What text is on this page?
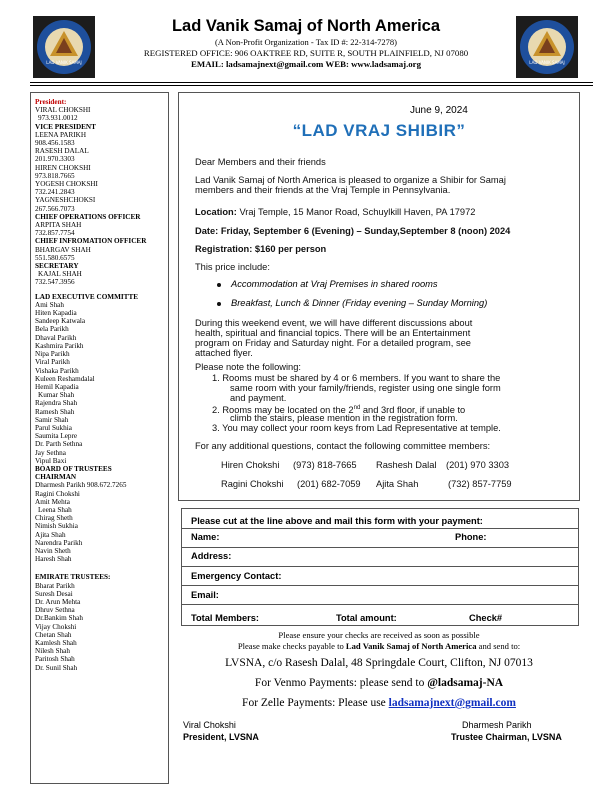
LAD VANIK SAMAJ	LAD VANIK SAMAJ
Lad Vanik Samaj of North America
(A Non-Profit Organization - Tax ID #: 22-314-7278)
REGISTERED OFFICE: 906 OAKTREE RD, SUITE R, SOUTH PLAINFIELD, NJ 07080
EMAIL: ladsamajnext@gmail.com WEB: www.ladsamaj.org
President:
VIRAL CHOKSHI
973.931.0012
VICE PRESIDENT
LEENA PARIKH
908.456.1583
RASESH DALAL
201.970.3303
HIREN CHOKSHI
973.818.7665
YOGESH CHOKSHI
732.241.2843
YAGNESHCHOKSI
267.566.7073
CHIEF OPERATIONS OFFICER
ARPITA SHAH
732.857.7754
CHIEF INFROMATION OFFICER
BHARGAV SHAH
551.580.6575
SECRETARY
KAJAL SHAH
732.547.3956
LAD EXECUTIVE COMMITTE
Ami Shah
Hiten Kapadia
Sandeep Katwala
Bela Parikh
Dhaval Parikh
Kashmira Parikh
Nipa Parikh
Viral Parikh
Vishaka Parikh
Kuleen Reshamdalal
Hemil Kapadia
Kumar Shah
Rajendra Shah
Ramesh Shah
Samir Shah
Parul Sukhia
Saumita Lepre
Dr. Parth Sethna
Jay Sethna
Vipul Baxi
BOARD OF TRUSTEES
CHAIRMAN
Dharmesh Parikh 908.672.7265
Ragini Chokshi
Amit Mehta
Leena Shah
Chirag Sheth
Nimish Sukhia
Ajita Shah
Narendra Parikh
Navin Sheth
Haresh Shah
EMIRATE TRUSTEES:
Bharat Parikh
Suresh Desai
Dr. Arun Mehta
Dhruv Sethna
Dr.Bankim Shah
Vijay Chokshi
Chetan Shah
Kamlesh Shah
Nilesh Shah
Paritosh Shah
Dr. Sunil Shah
June 9, 2024
“LAD VRAJ SHIBIR”
Dear Members and their friends
Lad Vanik Samaj of North America is pleased to organize a Shibir for Samaj
members and their friends at the Vraj Temple in Pennsylvania.
Location: Vraj Temple, 15 Manor Road, Schuylkill Haven, PA 17972
Date: Friday, September 6 (Evening) – Sunday,September 8 (noon) 2024
Registration: $160 per person
This price include:
Accommodation at Vraj Premises in shared rooms
Breakfast, Lunch & Dinner (Friday evening – Sunday Morning)
During this weekend event, we will have different discussions about
health, spiritual and financial topics. There will be an Entertainment
program on Friday and Saturday night. For a detailed program, see
attached flyer.
Please note the following:
1. Rooms must be shared by 4 or 6 members. If you want to share the
same room with your family/friends, register using one single form
and payment.
2. Rooms may be located on the 2nd and 3rd floor, if unable to
climb the stairs, please mention in the registration form.
3. You may collect your room keys from Lad Representative at temple.
For any additional questions, contact the following committee members:
Hiren Chokshi (973) 818-7665 Rashesh Dalal (201) 970 3303
Ragini Chokshi (201) 682-7059 Ajita Shah	(732) 857-7759
Please cut at the line above and mail this form with your payment:
Name:	Phone:
Address:
Emergency Contact:
Email:
Total Members:	Total amount:	Check#
Please ensure your checks are received as soon as possible
Please make checks payable to Lad Vanik Samaj of North America and send to:
LVSNA, c/o Rasesh Dalal, 48 Springdale Court, Clifton, NJ 07013
For Venmo Payments: please send to @ladsamaj-NA
For Zelle Payments: Please use ladsamajnext@gmail.com
Viral Chokshi
President, LVSNA
Dharmesh Parikh
Trustee Chairman, LVSNA
